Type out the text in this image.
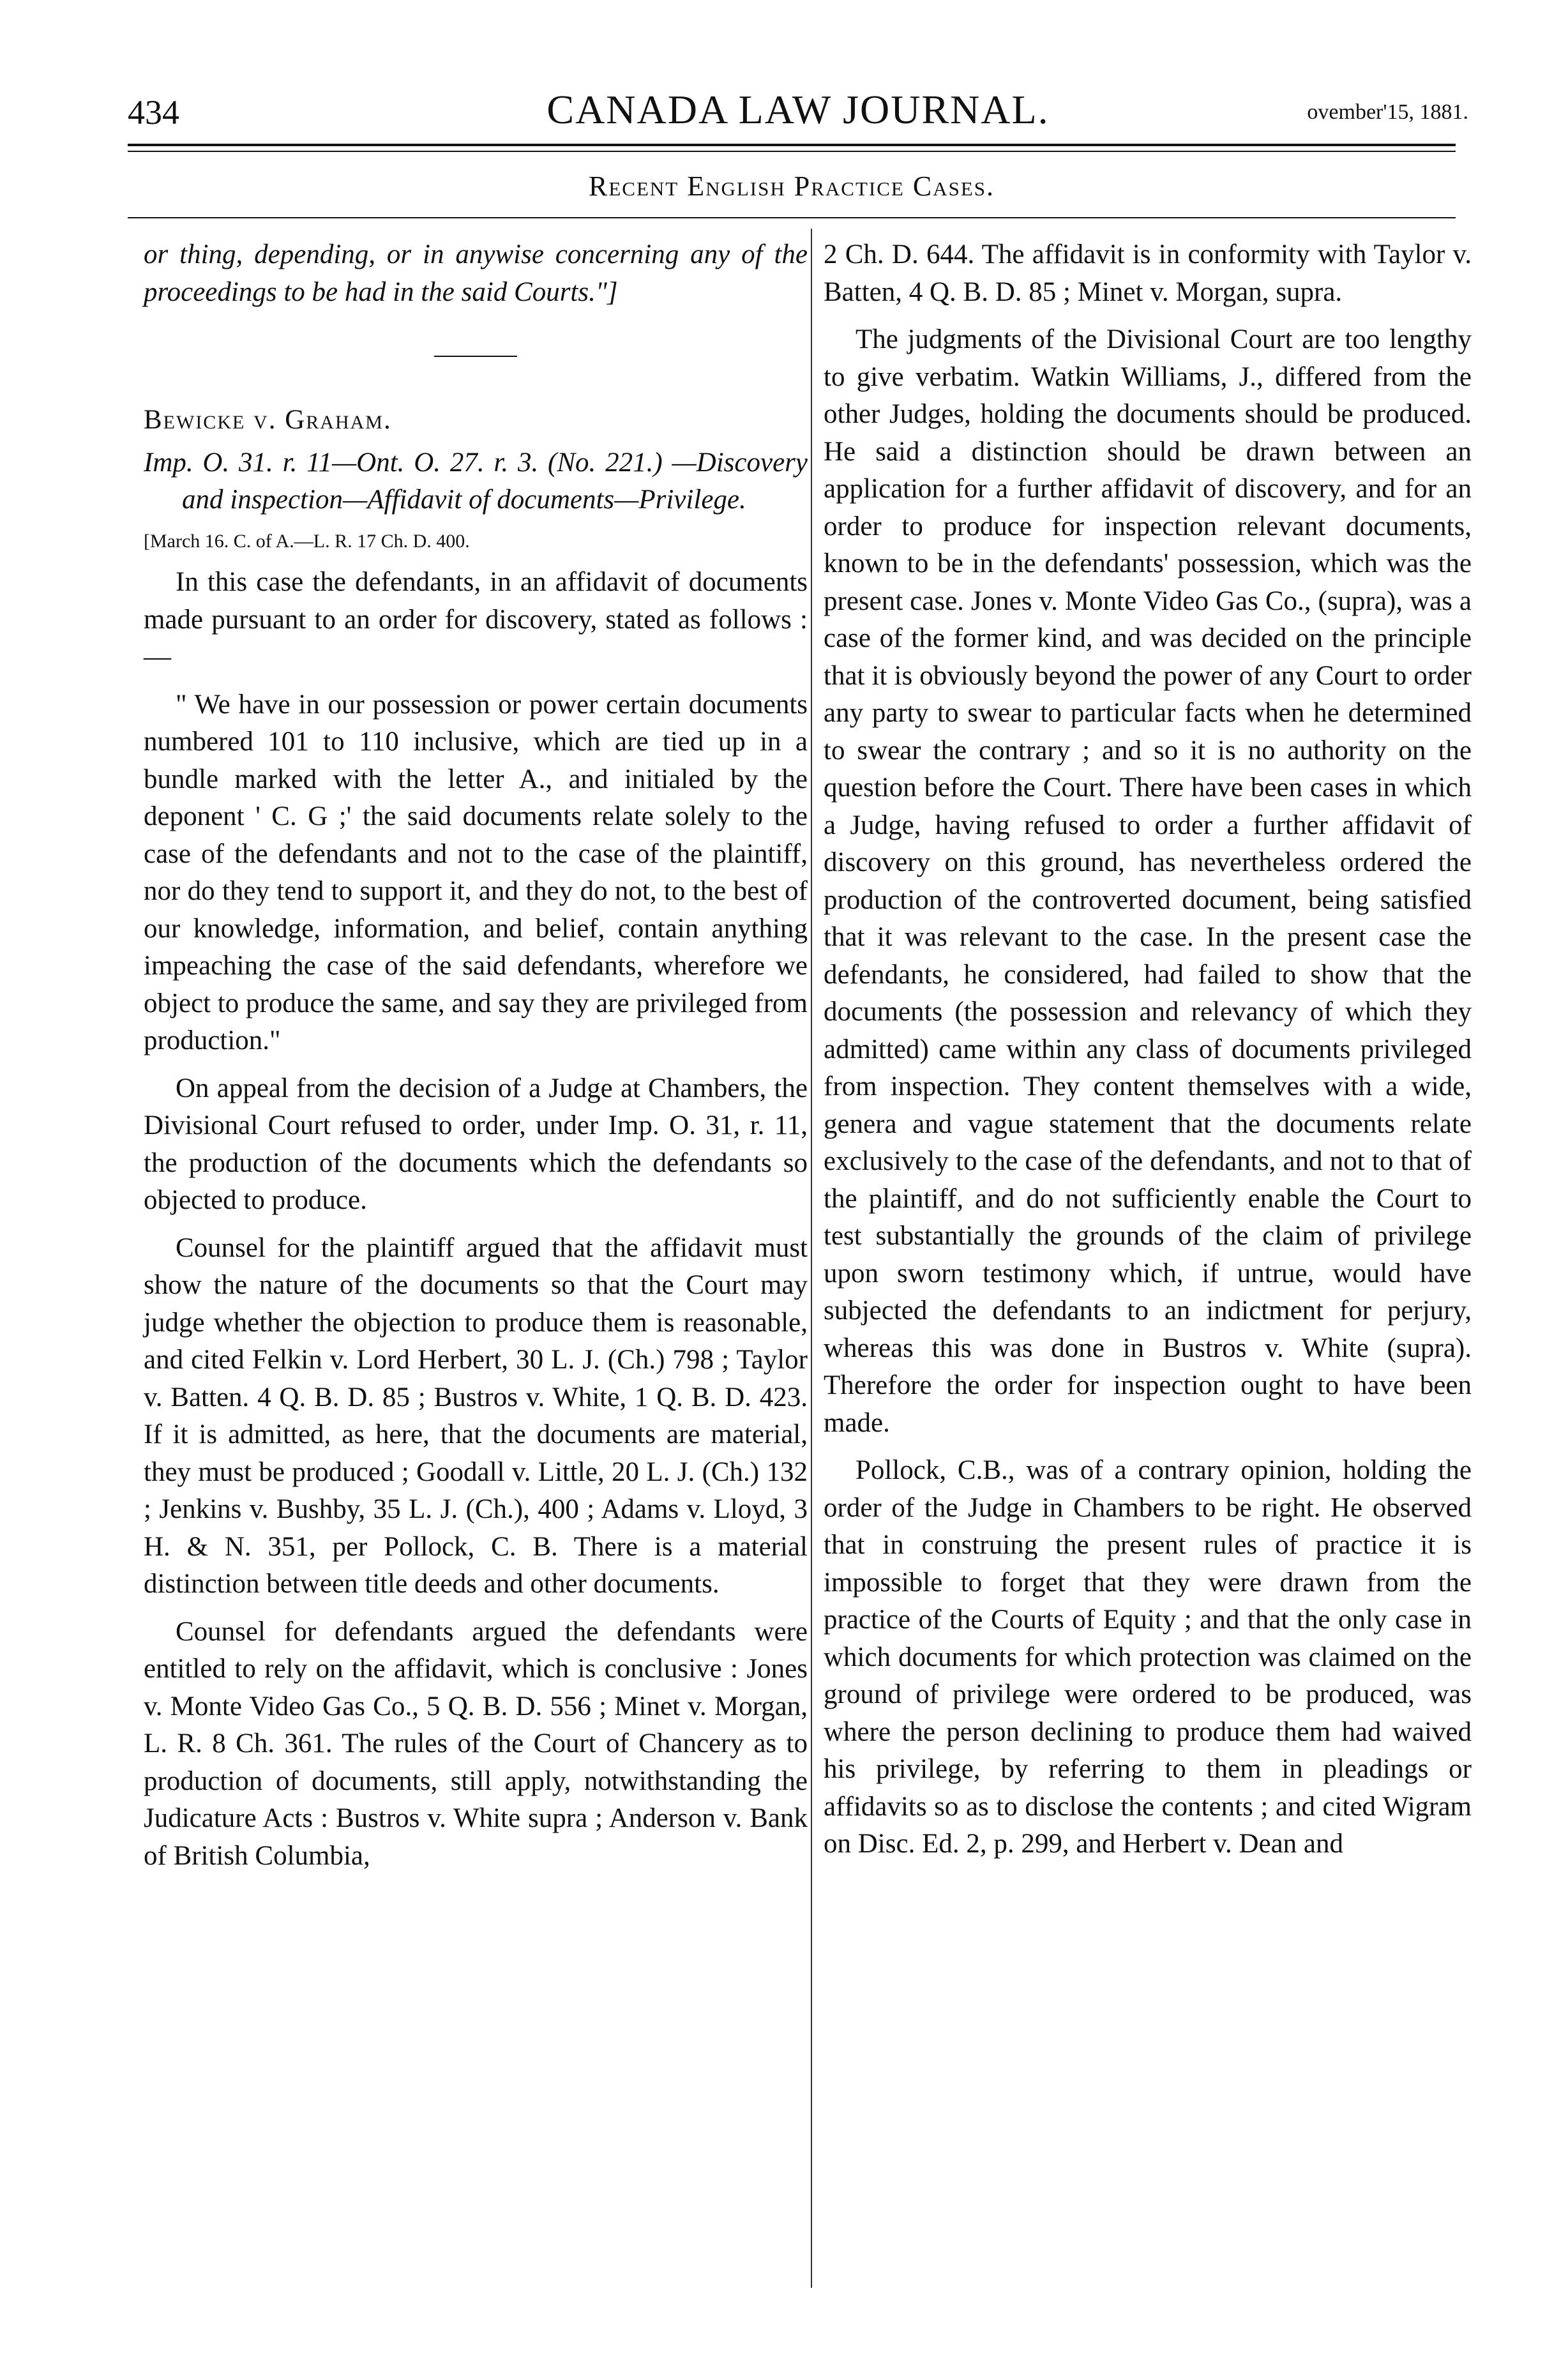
434	CANADA LAW JOURNAL.	ovember'15, 1881.
Recent English Practice Cases.

or thing, depending, or in anywise concerning any of the proceedings to be had in the said Courts."]

Bewicke v. Graham.

Imp. O. 31. r. 11—Ont. O. 27. r. 3. (No. 221.) —Discovery and inspection—Affidavit of documents—Privilege.

[March 16. C. of A.—L. R. 17 Ch. D. 400.

In this case the defendants, in an affidavit of documents made pursuant to an order for discovery, stated as follows :—

" We have in our possession or power certain documents numbered 101 to 110 inclusive, which are tied up in a bundle marked with the letter A., and initialed by the deponent ' C. G ;' the said documents relate solely to the case of the defendants and not to the case of the plaintiff, nor do they tend to support it, and they do not, to the best of our knowledge, information, and belief, contain anything impeaching the case of the said defendants, wherefore we object to produce the same, and say they are privileged from production."

On appeal from the decision of a Judge at Chambers, the Divisional Court refused to order, under Imp. O. 31, r. 11, the production of the documents which the defendants so objected to produce.

Counsel for the plaintiff argued that the affidavit must show the nature of the documents so that the Court may judge whether the objection to produce them is reasonable, and cited Felkin v. Lord Herbert, 30 L. J. (Ch.) 798 ; Taylor v. Batten. 4 Q. B. D. 85 ; Bustros v. White, 1 Q. B. D. 423. If it is admitted, as here, that the documents are material, they must be produced ; Goodall v. Little, 20 L. J. (Ch.) 132 ; Jenkins v. Bushby, 35 L. J. (Ch.), 400 ; Adams v. Lloyd, 3 H. & N. 351, per Pollock, C. B. There is a material distinction between title deeds and other documents.

Counsel for defendants argued the defendants were entitled to rely on the affidavit, which is conclusive : Jones v. Monte Video Gas Co., 5 Q. B. D. 556 ; Minet v. Morgan, L. R. 8 Ch. 361. The rules of the Court of Chancery as to production of documents, still apply, notwithstanding the Judicature Acts : Bustros v. White supra ; Anderson v. Bank of British Columbia,

2 Ch. D. 644. The affidavit is in conformity with Taylor v. Batten, 4 Q. B. D. 85 ; Minet v. Morgan, supra.

The judgments of the Divisional Court are too lengthy to give verbatim. Watkin Williams, J., differed from the other Judges, holding the documents should be produced. He said a distinction should be drawn between an application for a further affidavit of discovery, and for an order to produce for inspection relevant documents, known to be in the defendants' possession, which was the present case. Jones v. Monte Video Gas Co., (supra), was a case of the former kind, and was decided on the principle that it is obviously beyond the power of any Court to order any party to swear to particular facts when he determined to swear the contrary ; and so it is no authority on the question before the Court. There have been cases in which a Judge, having refused to order a further affidavit of discovery on this ground, has nevertheless ordered the production of the controverted document, being satisfied that it was relevant to the case. In the present case the defendants, he considered, had failed to show that the documents (the possession and relevancy of which they admitted) came within any class of documents privileged from inspection. They content themselves with a wide, genera and vague statement that the documents relate exclusively to the case of the defendants, and not to that of the plaintiff, and do not sufficiently enable the Court to test substantially the grounds of the claim of privilege upon sworn testimony which, if untrue, would have subjected the defendants to an indictment for perjury, whereas this was done in Bustros v. White (supra). Therefore the order for inspection ought to have been made.

Pollock, C.B., was of a contrary opinion, holding the order of the Judge in Chambers to be right. He observed that in construing the present rules of practice it is impossible to forget that they were drawn from the practice of the Courts of Equity ; and that the only case in which documents for which protection was claimed on the ground of privilege were ordered to be produced, was where the person declining to produce them had waived his privilege, by referring to them in pleadings or affidavits so as to disclose the contents ; and cited Wigram on Disc. Ed. 2, p. 299, and Herbert v. Dean and
